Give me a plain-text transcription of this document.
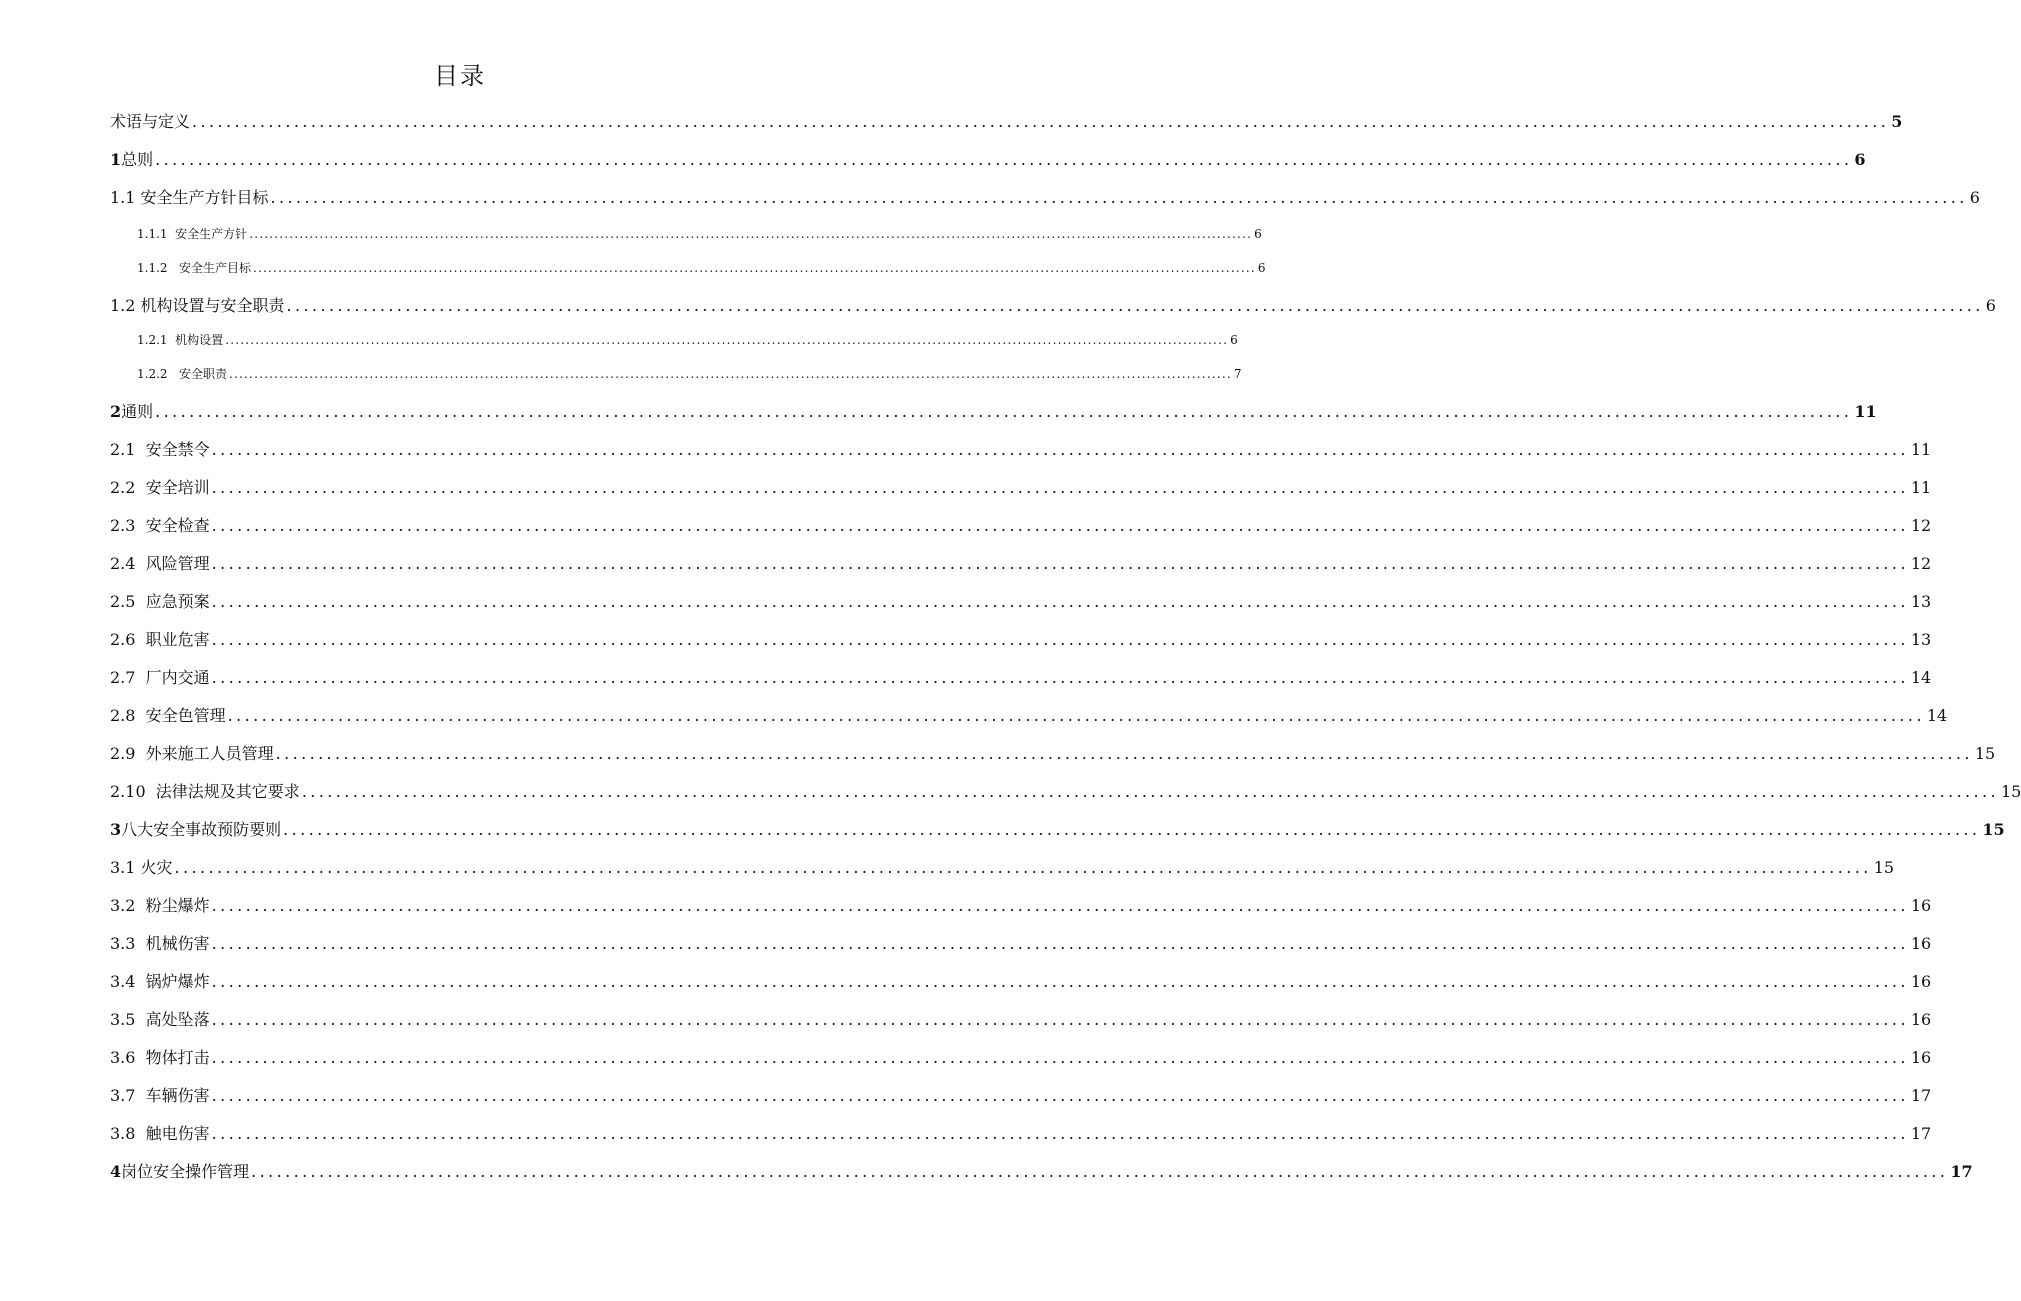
目录
术语与定义 ........................................................................................................................................................................................................ 5
1 总则 ........................................................................................................................................................................................................ 6
1.1 安全生产方针目标 ........................................................................................................................................................................................................ 6
1.1.1 安全生产方针 ........................................................................................................................................................................................................ 6
1.1.2 安全生产目标 ........................................................................................................................................................................................................ 6
1.2 机构设置与安全职责 ........................................................................................................................................................................................................ 6
1.2.1 机构设置 ........................................................................................................................................................................................................ 6
1.2.2 安全职责 ........................................................................................................................................................................................................ 7
2 通则 ........................................................................................................................................................................................................ 11
2.1 安全禁令 ........................................................................................................................................................................................................ 11
2.2 安全培训 ........................................................................................................................................................................................................ 11
2.3 安全检查 ........................................................................................................................................................................................................ 12
2.4 风险管理 ........................................................................................................................................................................................................ 12
2.5 应急预案 ........................................................................................................................................................................................................ 13
2.6 职业危害 ........................................................................................................................................................................................................ 13
2.7 厂内交通 ........................................................................................................................................................................................................ 14
2.8 安全色管理 ........................................................................................................................................................................................................ 14
2.9 外来施工人员管理 ........................................................................................................................................................................................................ 15
2.10 法律法规及其它要求 ........................................................................................................................................................................................................ 15
3 八大安全事故预防要则 ........................................................................................................................................................................................................ 15
3.1 火灾 ........................................................................................................................................................................................................ 15
3.2 粉尘爆炸 ........................................................................................................................................................................................................ 16
3.3 机械伤害 ........................................................................................................................................................................................................ 16
3.4 锅炉爆炸 ........................................................................................................................................................................................................ 16
3.5 高处坠落 ........................................................................................................................................................................................................ 16
3.6 物体打击 ........................................................................................................................................................................................................ 16
3.7 车辆伤害 ........................................................................................................................................................................................................ 17
3.8 触电伤害 ........................................................................................................................................................................................................ 17
4 岗位安全操作管理 ........................................................................................................................................................................................................ 17
